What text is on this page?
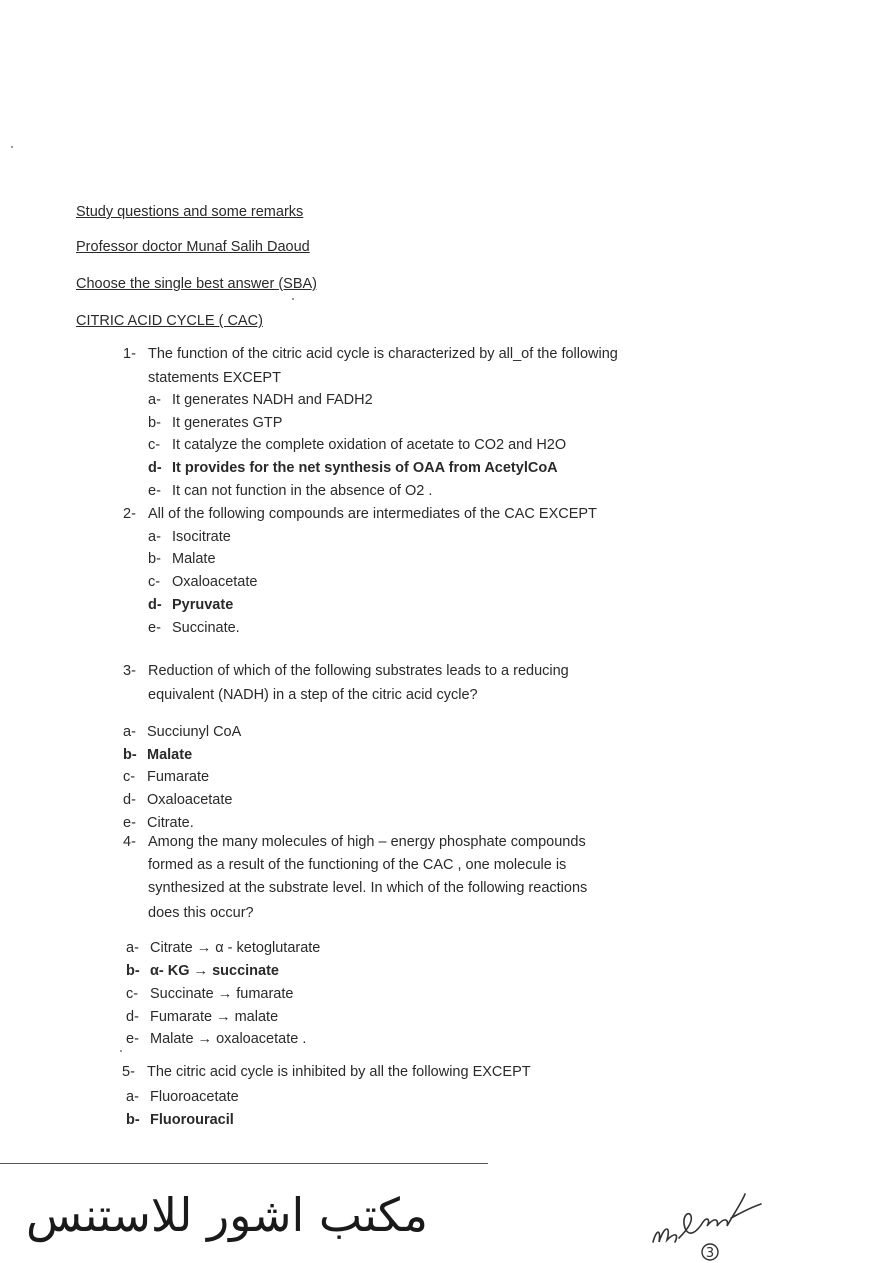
Study questions and some remarks
Professor doctor Munaf Salih Daoud
Choose the single best answer (SBA)
CITRIC ACID CYCLE ( CAC)
1- The function of the citric acid cycle is characterized by all_of the following
statements EXCEPT
a- It generates NADH and FADH2
b- It generates GTP
c- It catalyze the complete oxidation of acetate to CO2 and H2O
d- It provides for the net synthesis of OAA from AcetylCoA
e- It can not function in the absence of O2 .
2- All of the following compounds are intermediates of the CAC EXCEPT
a- Isocitrate
b- Malate
c- Oxaloacetate
d- Pyruvate
e- Succinate.
3- Reduction of which of the following substrates leads to a reducing
equivalent (NADH) in a step of the citric acid cycle?
a- Succiunyl CoA
b- Malate
c- Fumarate
d- Oxaloacetate
e- Citrate.
4- Among the many molecules of high – energy phosphate compounds
formed as a result of the functioning of the CAC , one molecule is
synthesized at the substrate level. In which of the following reactions
does this occur?
a- Citrate → α - ketoglutarate
b- α- KG → succinate
c- Succinate → fumarate
d- Fumarate → malate
e- Malate → oxaloacetate .
5- The citric acid cycle is inhibited by all the following EXCEPT
a- Fluoroacetate
b- Fluorouracil
مكتب اشور للاستنس
3
